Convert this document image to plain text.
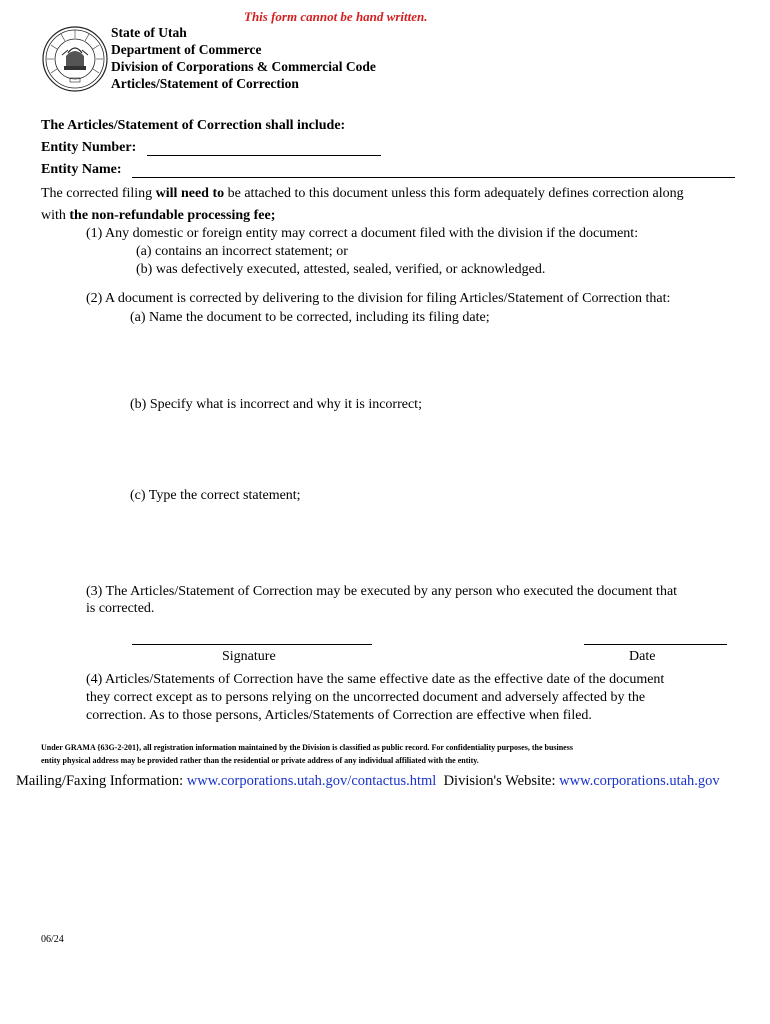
This form cannot be hand written.
State of Utah
Department of Commerce
Division of Corporations & Commercial Code
Articles/Statement of Correction
The Articles/Statement of Correction shall include:
Entity Number:
Entity Name:
The corrected filing will need to be attached to this document unless this form adequately defines correction along
with the non-refundable processing fee;
(1) Any domestic or foreign entity may correct a document filed with the division if the document:
(a) contains an incorrect statement; or
(b) was defectively executed, attested, sealed, verified, or acknowledged.
(2) A document is corrected by delivering to the division for filing Articles/Statement of Correction that:
(a) Name the document to be corrected, including its filing date;
(b) Specify what is incorrect and why it is incorrect;
(c) Type the correct statement;
(3) The Articles/Statement of Correction may be executed by any person who executed the document that
is corrected.
Signature	Date
(4) Articles/Statements of Correction have the same effective date as the effective date of the document
they correct except as to persons relying on the uncorrected document and adversely affected by the
correction. As to those persons, Articles/Statements of Correction are effective when filed.
Under GRAMA {63G-2-201}, all registration information maintained by the Division is classified as public record. For confidentiality purposes, the business
entity physical address may be provided rather than the residential or private address of any individual affiliated with the entity.
Mailing/Faxing Information: www.corporations.utah.gov/contactus.html Division's Website: www.corporations.utah.gov
06/24
